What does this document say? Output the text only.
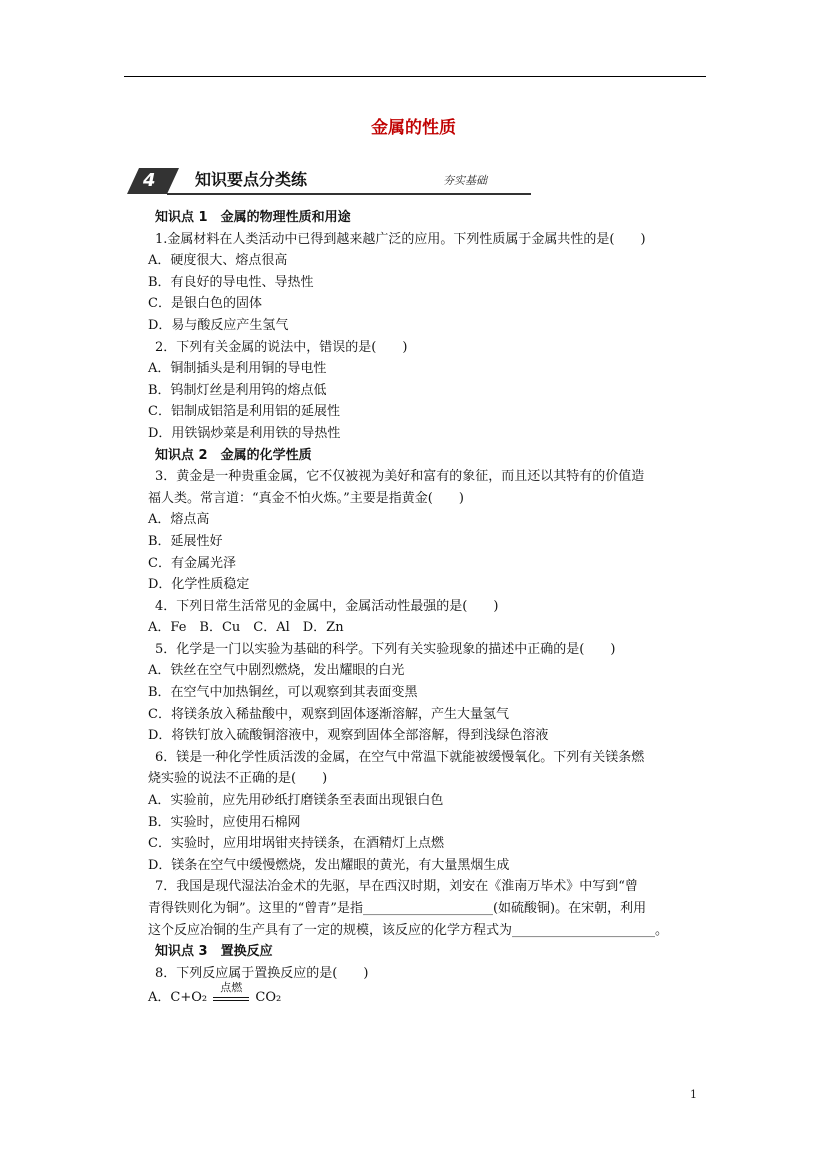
金属的性质
4 知识要点分类练	夯实基础
知识点 1　金属的物理性质和用途
1.金属材料在人类活动中已得到越来越广泛的应用。下列性质属于金属共性的是(　　)
A．硬度很大、熔点很高
B．有良好的导电性、导热性
C．是银白色的固体
D．易与酸反应产生氢气
2．下列有关金属的说法中，错误的是(　　)
A．铜制插头是利用铜的导电性
B．钨制灯丝是利用钨的熔点低
C．铝制成铝箔是利用铝的延展性
D．用铁锅炒菜是利用铁的导热性
知识点 2　金属的化学性质
3．黄金是一种贵重金属，它不仅被视为美好和富有的象征，而且还以其特有的价值造
福人类。常言道：“真金不怕火炼。”主要是指黄金(　　)
A．熔点高
B．延展性好
C．有金属光泽
D．化学性质稳定
4．下列日常生活常见的金属中，金属活动性最强的是(　　)
A．Fe　B．Cu　C．Al　D．Zn
5．化学是一门以实验为基础的科学。下列有关实验现象的描述中正确的是(　　)
A．铁丝在空气中剧烈燃烧，发出耀眼的白光
B．在空气中加热铜丝，可以观察到其表面变黑
C．将镁条放入稀盐酸中，观察到固体逐渐溶解，产生大量氢气
D．将铁钉放入硫酸铜溶液中，观察到固体全部溶解，得到浅绿色溶液
6．镁是一种化学性质活泼的金属，在空气中常温下就能被缓慢氧化。下列有关镁条燃
烧实验的说法不正确的是(　　)
A．实验前，应先用砂纸打磨镁条至表面出现银白色
B．实验时，应使用石棉网
C．实验时，应用坩埚钳夹持镁条，在酒精灯上点燃
D．镁条在空气中缓慢燃烧，发出耀眼的黄光，有大量黑烟生成
7．我国是现代湿法冶金术的先驱，早在西汉时期，刘安在《淮南万毕术》中写到“曾
青得铁则化为铜”。这里的“曾青”是指____________________(如硫酸铜)。在宋朝，利用
这个反应冶铜的生产具有了一定的规模，该反应的化学方程式为______________________。
知识点 3　置换反应
8．下列反应属于置换反应的是(　　)
A．C+O₂
点燃
CO₂
1
